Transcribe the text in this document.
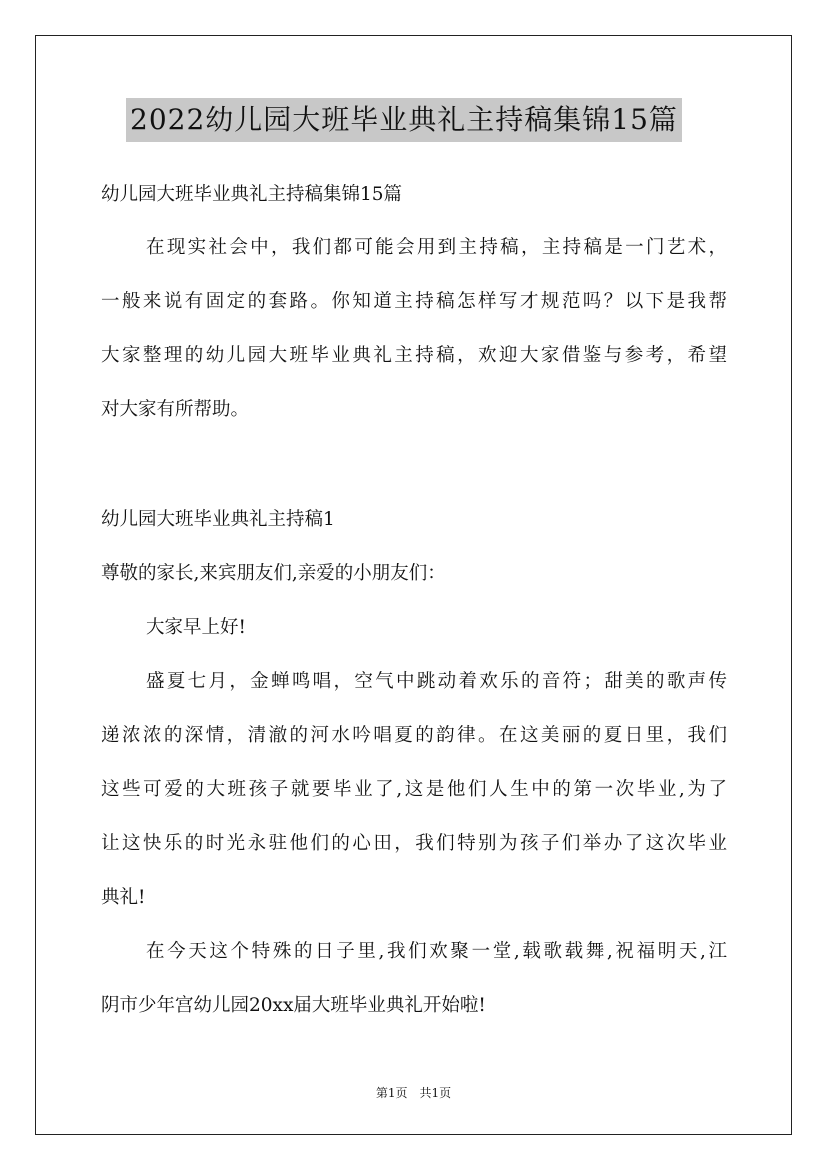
2022幼儿园大班毕业典礼主持稿集锦15篇
幼儿园大班毕业典礼主持稿集锦15篇
在现实社会中，我们都可能会用到主持稿，主持稿是一门艺术，
一般来说有固定的套路。你知道主持稿怎样写才规范吗？以下是我帮
大家整理的幼儿园大班毕业典礼主持稿，欢迎大家借鉴与参考，希望
对大家有所帮助。
幼儿园大班毕业典礼主持稿1
尊敬的家长,来宾朋友们,亲爱的小朋友们：
大家早上好!
盛夏七月，金蝉鸣唱，空气中跳动着欢乐的音符；甜美的歌声传
递浓浓的深情，清澈的河水吟唱夏的韵律。在这美丽的夏日里，我们
这些可爱的大班孩子就要毕业了,这是他们人生中的第一次毕业,为了
让这快乐的时光永驻他们的心田，我们特别为孩子们举办了这次毕业
典礼!
在今天这个特殊的日子里,我们欢聚一堂,载歌载舞,祝福明天,江
阴市少年宫幼儿园20xx届大班毕业典礼开始啦!
第1页　共1页
